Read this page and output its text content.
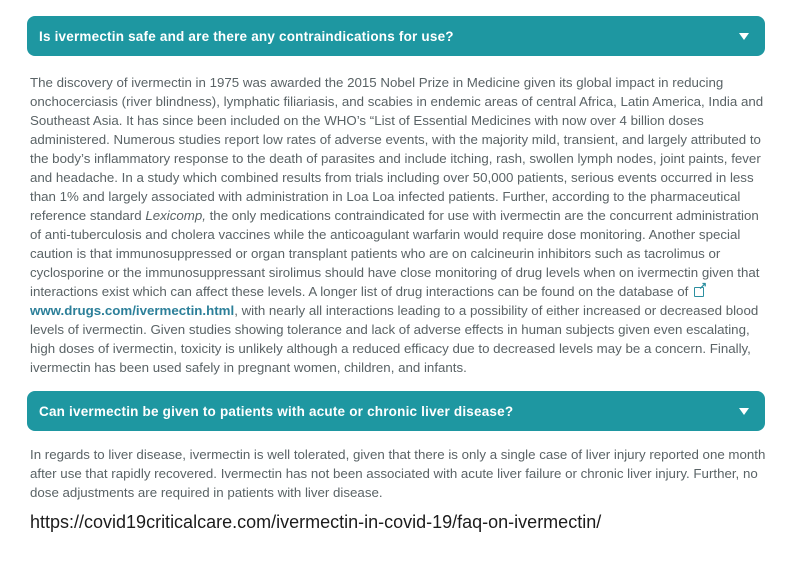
Is ivermectin safe and are there any contraindications for use?

The discovery of ivermectin in 1975 was awarded the 2015 Nobel Prize in Medicine given its global impact in reducing onchocerciasis (river blindness), lymphatic filiariasis, and scabies in endemic areas of central Africa, Latin America, India and Southeast Asia. It has since been included on the WHO’s “List of Essential Medicines with now over 4 billion doses administered. Numerous studies report low rates of adverse events, with the majority mild, transient, and largely attributed to the body’s inflammatory response to the death of parasites and include itching, rash, swollen lymph nodes, joint paints, fever and headache. In a study which combined results from trials including over 50,000 patients, serious events occurred in less than 1% and largely associated with administration in Loa Loa infected patients. Further, according to the pharmaceutical reference standard Lexicomp, the only medications contraindicated for use with ivermectin are the concurrent administration of anti-tuberculosis and cholera vaccines while the anticoagulant warfarin would require dose monitoring. Another special caution is that immunosuppressed or organ transplant patients who are on calcineurin inhibitors such as tacrolimus or cyclosporine or the immunosuppressant sirolimus should have close monitoring of drug levels when on ivermectin given that interactions exist which can affect these levels. A longer list of drug interactions can be found on the database of ↗www.drugs.com/ivermectin.html, with nearly all interactions leading to a possibility of either increased or decreased blood levels of ivermectin. Given studies showing tolerance and lack of adverse effects in human subjects given even escalating, high doses of ivermectin, toxicity is unlikely although a reduced efficacy due to decreased levels may be a concern. Finally, ivermectin has been used safely in pregnant women, children, and infants.

Can ivermectin be given to patients with acute or chronic liver disease?

In regards to liver disease, ivermectin is well tolerated, given that there is only a single case of liver injury reported one month after use that rapidly recovered. Ivermectin has not been associated with acute liver failure or chronic liver injury. Further, no dose adjustments are required in patients with liver disease.

https://covid19criticalcare.com/ivermectin-in-covid-19/faq-on-ivermectin/
